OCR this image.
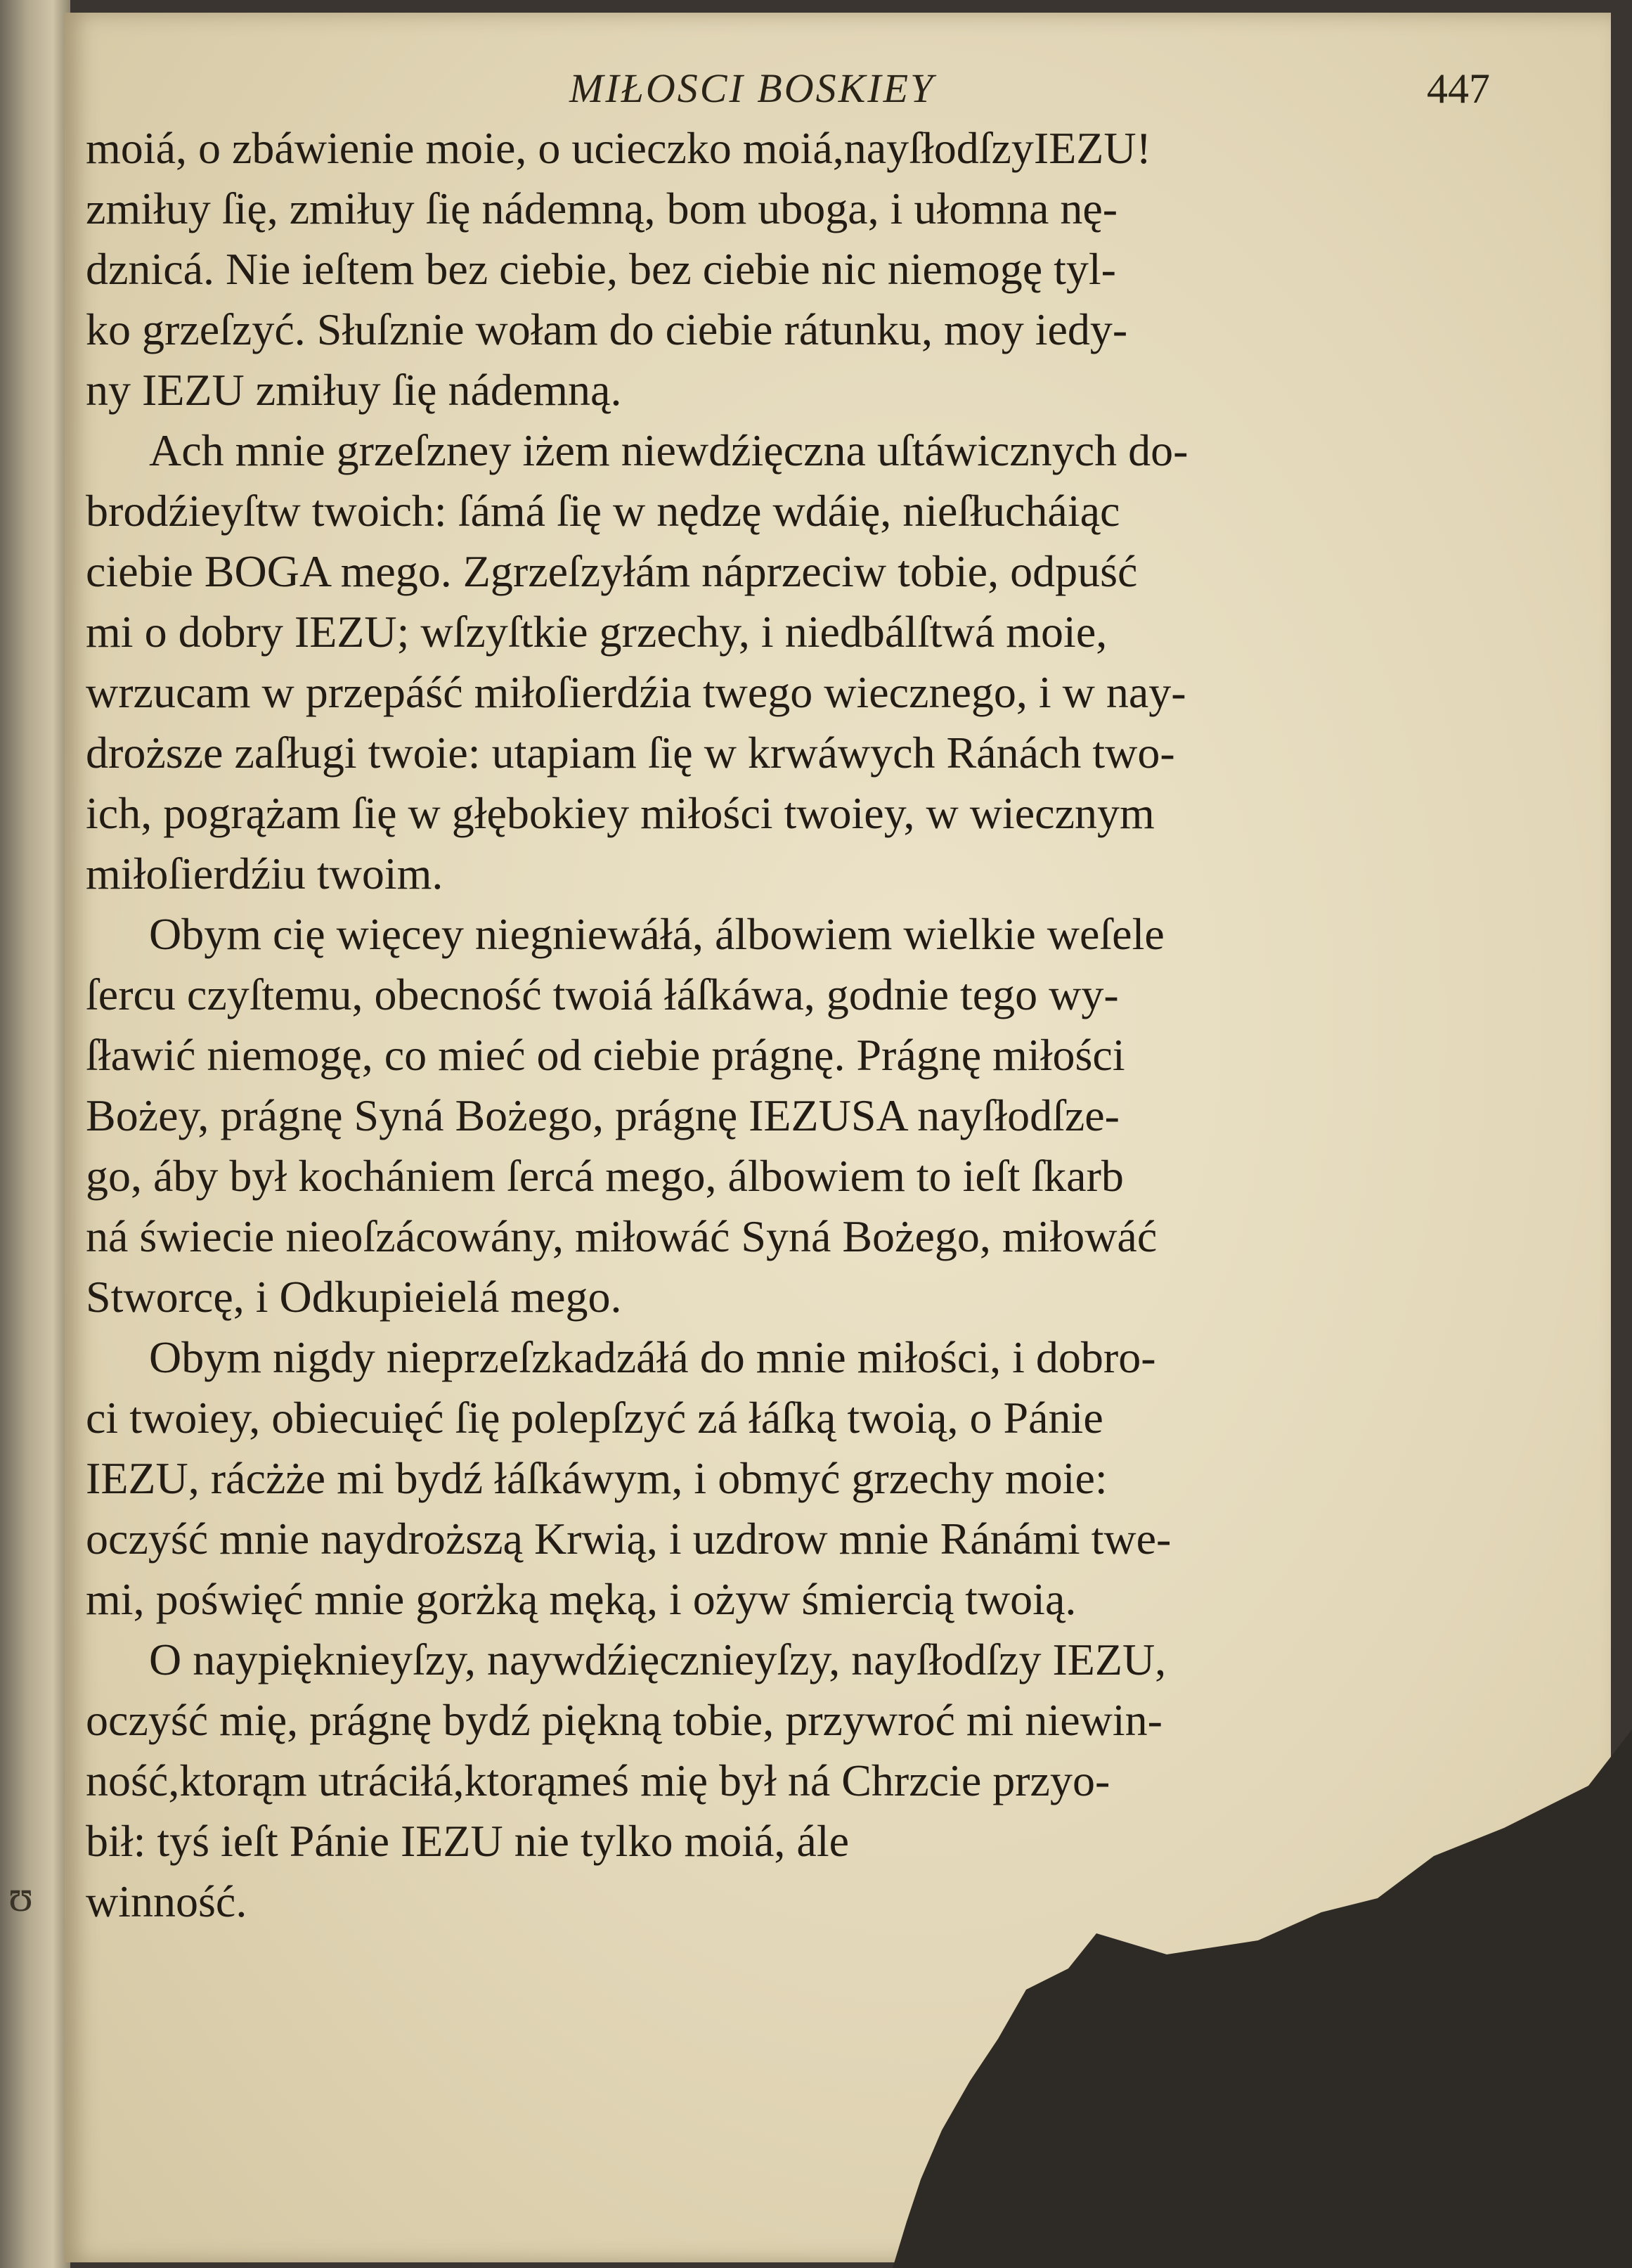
ʊ
MIŁOSCI BOSKIEY	447
moiá, o zbáwienie moie, o ucieczko moiá,nayſłodſzyIEZU!
zmiłuy ſię, zmiłuy ſię nádemną, bom uboga, i ułomna nę-
dznicá. Nie ieſtem bez ciebie, bez ciebie nic niemogę tyl-
ko grzeſzyć. Słuſznie wołam do ciebie rátunku, moy iedy-
ny IEZU zmiłuy ſię nádemną.
Ach mnie grzeſzney iżem niewdźięczna uſtáwicznych do-
brodźieyſtw twoich: ſámá ſię w nędzę wdáię, nieſłucháiąc
ciebie BOGA mego. Zgrzeſzyłám náprzeciw tobie, odpuść
mi o dobry IEZU; wſzyſtkie grzechy, i niedbálſtwá moie,
wrzucam w przepáść miłoſierdźia twego wiecznego, i w nay-
droższe zaſługi twoie: utapiam ſię w krwáwych Ránách two-
ich, pogrążam ſię w głębokiey miłości twoiey, w wiecznym
miłoſierdźiu twoim.
Obym cię więcey niegniewáłá, álbowiem wielkie weſele
ſercu czyſtemu, obecność twoiá łáſkáwa, godnie tego wy-
ſławić niemogę, co mieć od ciebie prágnę. Prágnę miłości
Bożey, prágnę Syná Bożego, prágnę IEZUSA nayſłodſze-
go, áby był kochániem ſercá mego, álbowiem to ieſt ſkarb
ná świecie nieoſzácowány, miłowáć Syná Bożego, miłowáć
Stworcę, i Odkupieielá mego.
Obym nigdy nieprzeſzkadzáłá do mnie miłości, i dobro-
ci twoiey, obiecuięć ſię polepſzyć zá łáſką twoią, o Pánie
IEZU, rácżże mi bydź łáſkáwym, i obmyć grzechy moie:
oczyść mnie naydroższą Krwią, i uzdrow mnie Ránámi twe-
mi, poświęć mnie gorżką męką, i ożyw śmiercią twoią.
O naypięknieyſzy, naywdźięcznieyſzy, nayſłodſzy IEZU,
oczyść mię, prágnę bydź piękną tobie, przywroć mi niewin-
ność,ktorąm utráciłá,ktorąmeś mię był ná Chrzcie przyo-
bił: tyś ieſt Pánie IEZU nie tylko moiá, ále
winność.
